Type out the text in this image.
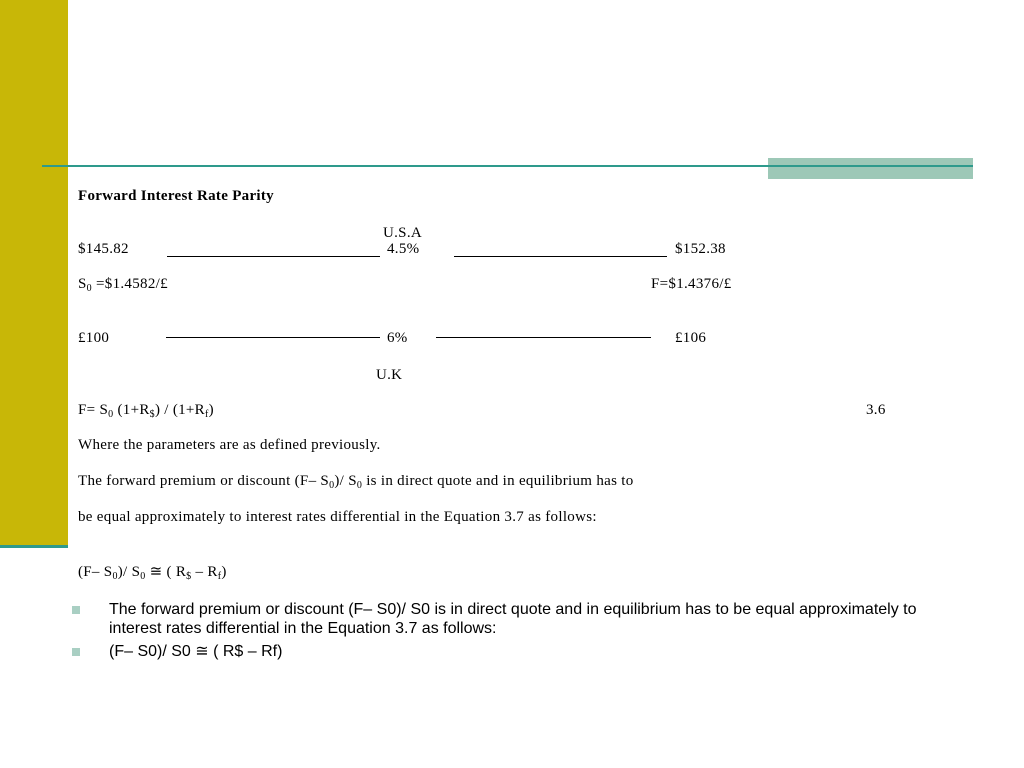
Forward Interest Rate Parity
U.S.A
$145.82	4.5%	$152.38
$S_0$ =$1.4582/£	F=$1.4376/£
£100	6%	£106
U.K
$F= S_0$ $(1+R_{\$}) / (1+R_f)$	3.6
Where the parameters are as defined previously.
The forward premium or discount (F– $S_0)/$ $S_0$ is in direct quote and in equilibrium has to
be equal approximately to interest rates differential in the Equation 3.7 as follows:
(F– $S_0)/$ $S_0$ ≅ ( $R_{\$} - R_f$)
The forward premium or discount (F– S0)/ S0 is in direct quote and in equilibrium has to be equal approximately to interest rates differential in the Equation 3.7 as follows:
(F– S0)/ S0 ≅ ( R$ – Rf)
